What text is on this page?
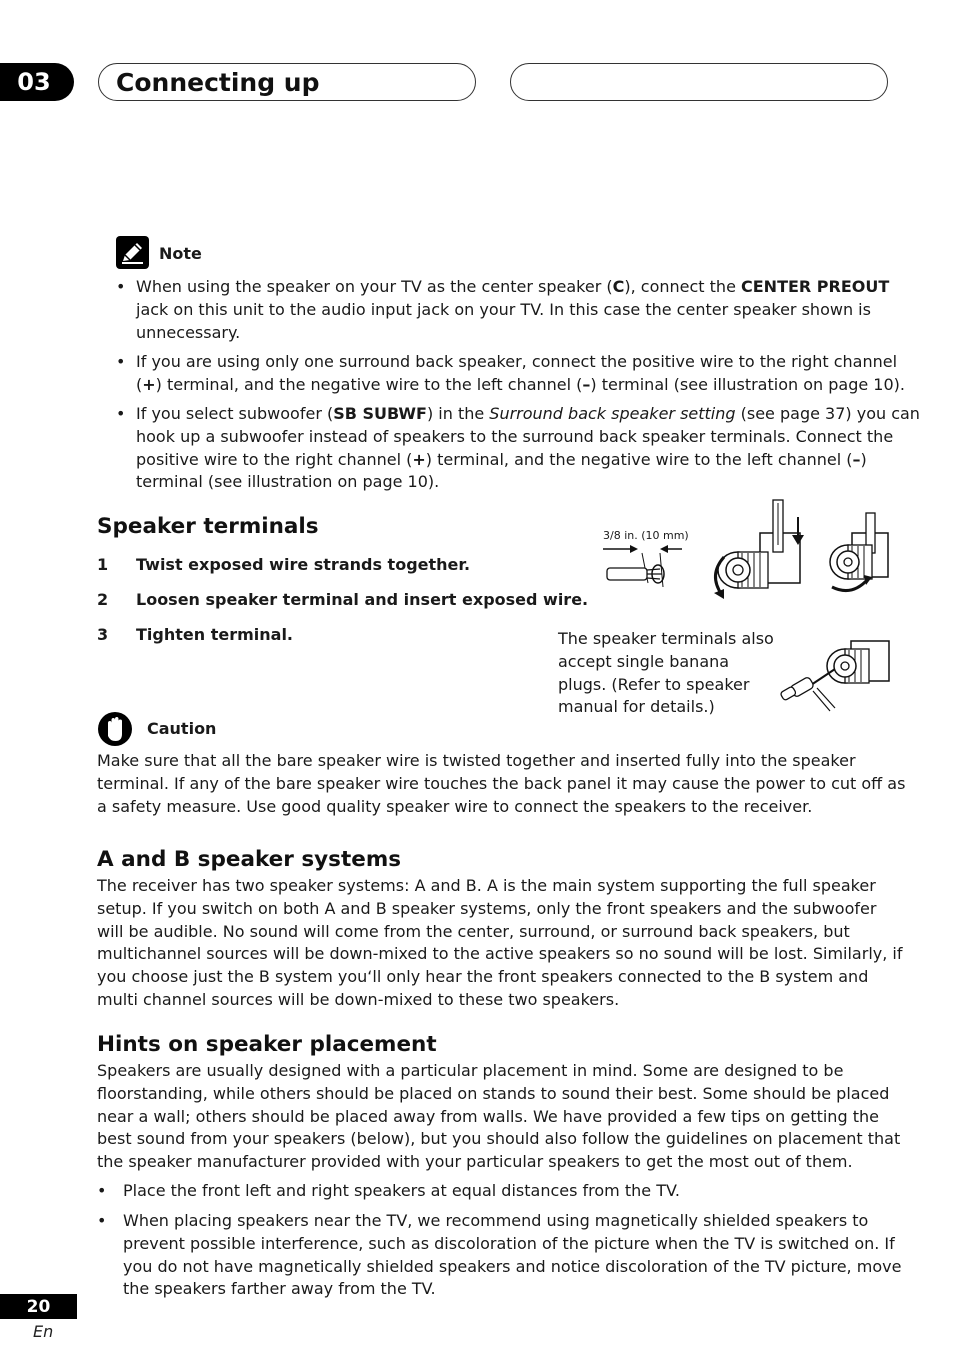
03	Connecting up
Note
• When using the speaker on your TV as the center speaker (C), connect the CENTER PREOUT
jack on this unit to the audio input jack on your TV. In this case the center speaker shown is
unnecessary.
• If you are using only one surround back speaker, connect the positive wire to the right channel
(+) terminal, and the negative wire to the left channel (–) terminal (see illustration on page 10).
• If you select subwoofer (SB SUBWF) in the Surround back speaker setting (see page 37) you can
hook up a subwoofer instead of speakers to the surround back speaker terminals. Connect the
positive wire to the right channel (+) terminal, and the negative wire to the left channel (–)
terminal (see illustration on page 10).
Speaker terminals
1 Twist exposed wire strands together.
2 Loosen speaker terminal and insert exposed wire.
3 Tighten terminal.
3/8 in. (10 mm)
The speaker terminals also
accept single banana
plugs. (Refer to speaker
manual for details.)
Caution
Make sure that all the bare speaker wire is twisted together and inserted fully into the speaker
terminal. If any of the bare speaker wire touches the back panel it may cause the power to cut off as
a safety measure. Use good quality speaker wire to connect the speakers to the receiver.
A and B speaker systems
The receiver has two speaker systems: A and B. A is the main system supporting the full speaker
setup. If you switch on both A and B speaker systems, only the front speakers and the subwoofer
will be audible. No sound will come from the center, surround, or surround back speakers, but
multichannel sources will be down-mixed to the active speakers so no sound will be lost. Similarly, if
you choose just the B system you‘ll only hear the front speakers connected to the B system and
multi channel sources will be down-mixed to these two speakers.
Hints on speaker placement
Speakers are usually designed with a particular placement in mind. Some are designed to be
floorstanding, while others should be placed on stands to sound their best. Some should be placed
near a wall; others should be placed away from walls. We have provided a few tips on getting the
best sound from your speakers (below), but you should also follow the guidelines on placement that
the speaker manufacturer provided with your particular speakers to get the most out of them.
• Place the front left and right speakers at equal distances from the TV.
• When placing speakers near the TV, we recommend using magnetically shielded speakers to
prevent possible interference, such as discoloration of the picture when the TV is switched on. If
you do not have magnetically shielded speakers and notice discoloration of the TV picture, move
the speakers farther away from the TV.
20
En
